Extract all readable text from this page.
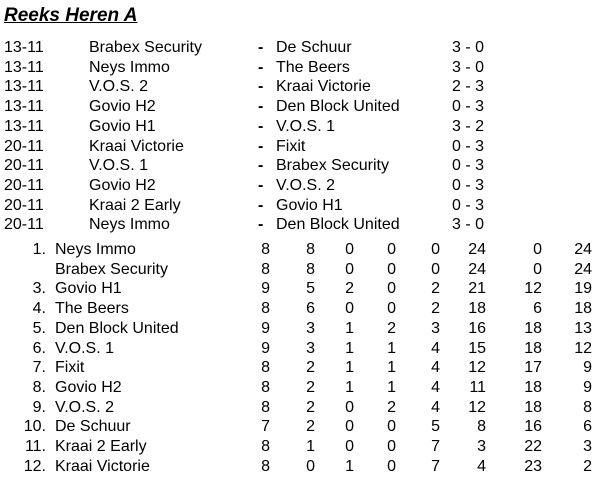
Reeks Heren A
13-11	Brabex Security	- De Schuur	3 - 0
13-11	Neys Immo	- The Beers	3 - 0
13-11	V.O.S. 2	- Kraai Victorie	2 - 3
13-11	Govio H2	- Den Block United	0 - 3
13-11	Govio H1	- V.O.S. 1	3 - 2
20-11	Kraai Victorie	- Fixit	0 - 3
20-11	V.O.S. 1	- Brabex Security	0 - 3
20-11	Govio H2	- V.O.S. 2	0 - 3
20-11	Kraai 2 Early	- Govio H1	0 - 3
20-11	Neys Immo	- Den Block United	3 - 0
1. Neys Immo	8	8	0	0	0	24	0	24
Brabex Security	8	8	0	0	0	24	0	24
3. Govio H1	9	5	2	0	2	21	12	19
4. The Beers	8	6	0	0	2	18	6	18
5. Den Block United	9	3	1	2	3	16	18	13
6. V.O.S. 1	9	3	1	1	4	15	18	12
7. Fixit	8	2	1	1	4	12	17	9
8. Govio H2	8	2	1	1	4	11	18	9
9. V.O.S. 2	8	2	0	2	4	12	18	8
10. De Schuur	7	2	0	0	5	8	16	6
11. Kraai 2 Early	8	1	0	0	7	3	22	3
12. Kraai Victorie	8	0	1	0	7	4	23	2
